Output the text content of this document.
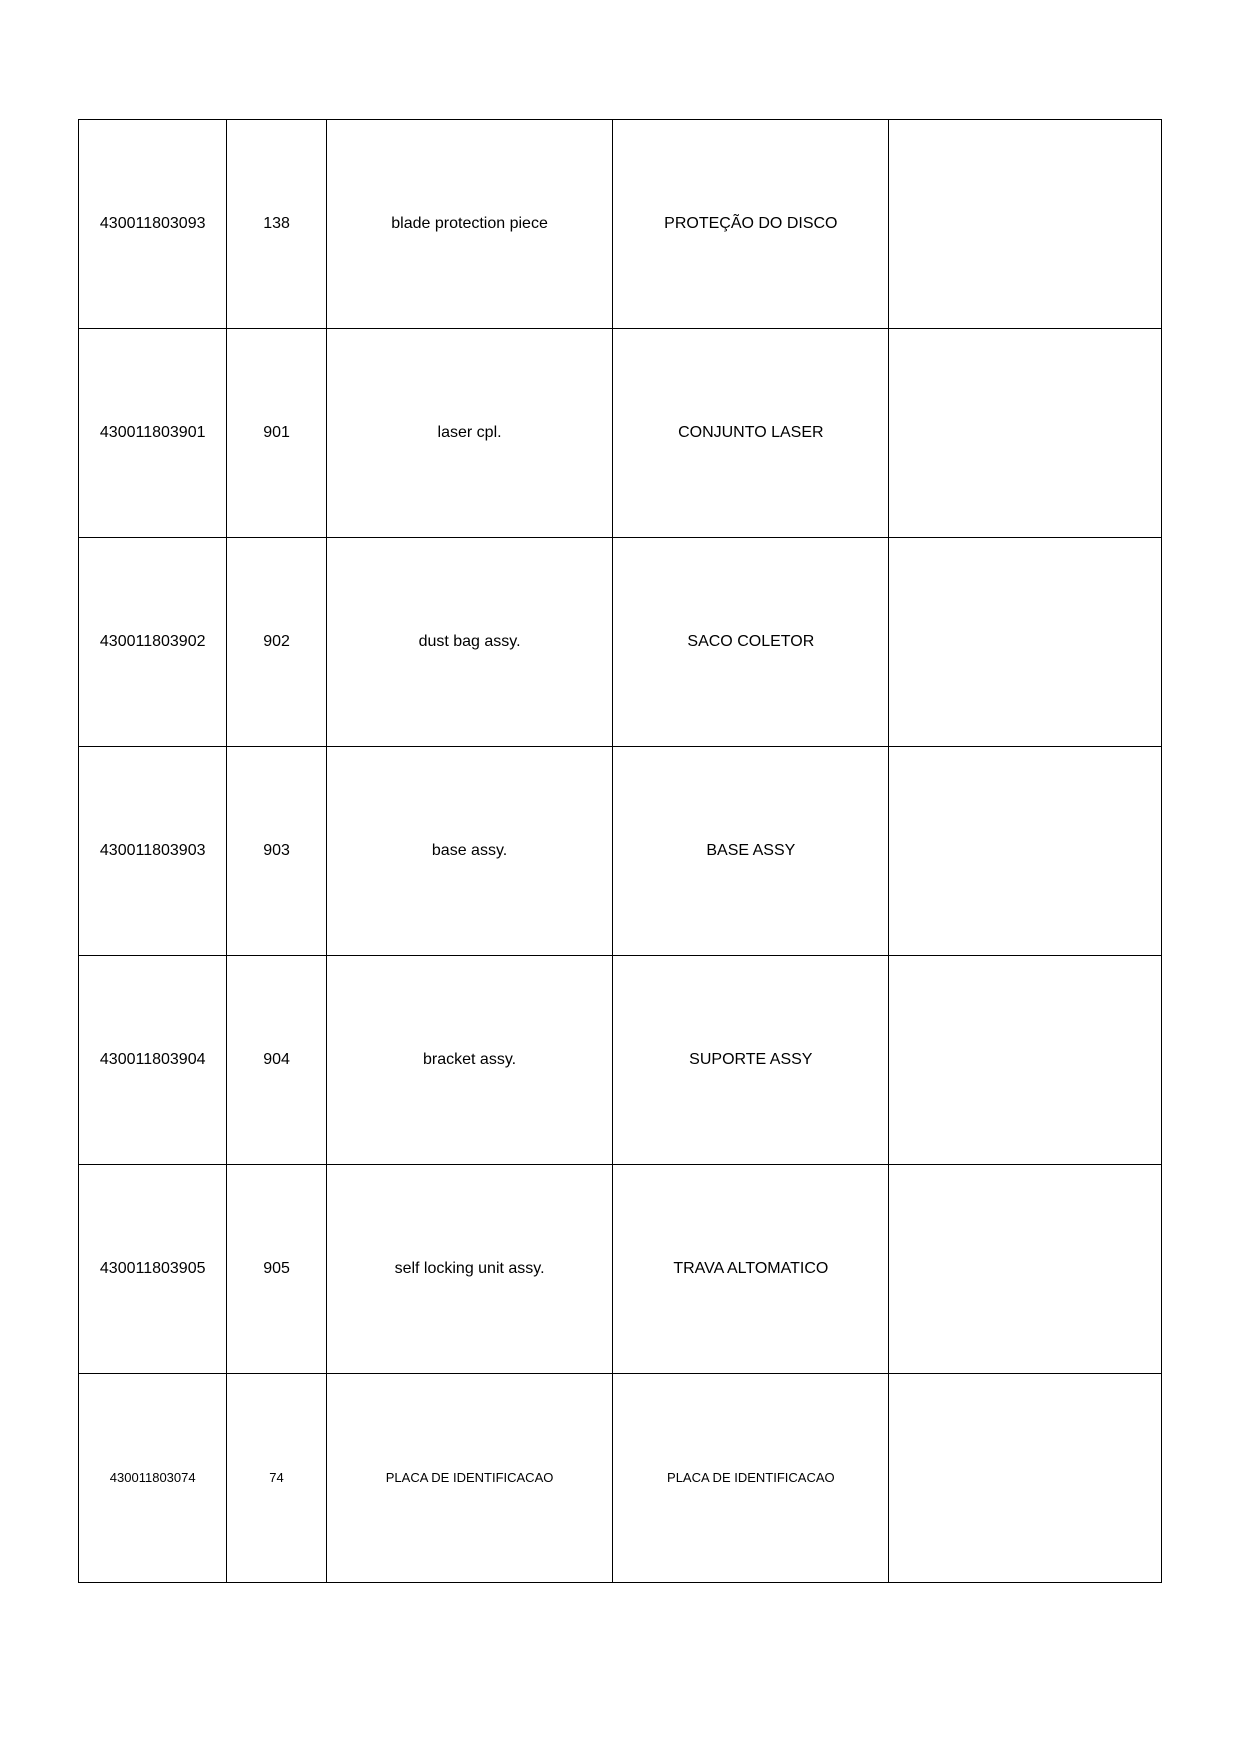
430011803093	138	blade protection piece	PROTEÇÃO DO DISCO	
430011803901	901	laser cpl.	CONJUNTO LASER	
430011803902	902	dust bag assy.	SACO COLETOR	
430011803903	903	base assy.	BASE ASSY	
430011803904	904	bracket assy.	SUPORTE ASSY	
430011803905	905	self locking unit assy.	TRAVA ALTOMATICO	
430011803074	74	PLACA DE IDENTIFICACAO	PLACA DE IDENTIFICACAO	
